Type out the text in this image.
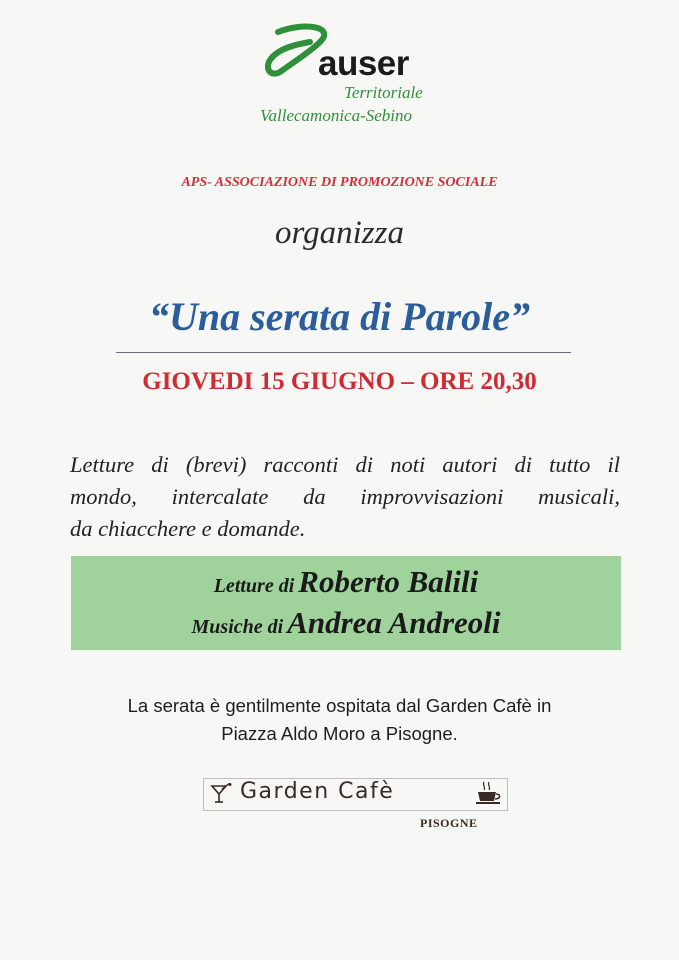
auser
Territoriale
Vallecamonica-Sebino
APS- ASSOCIAZIONE DI PROMOZIONE SOCIALE
organizza
“Una serata di Parole”
GIOVEDI 15 GIUGNO – ORE 20,30
Letture di (brevi) racconti di noti autori di tutto il
mondo, intercalate da improvvisazioni musicali,
da chiacchere e domande.
Letture di Roberto Balili
Musiche di Andrea Andreoli
La serata è gentilmente ospitata dal Garden Cafè in
Piazza Aldo Moro a Pisogne.
Garden Cafè
PISOGNE
